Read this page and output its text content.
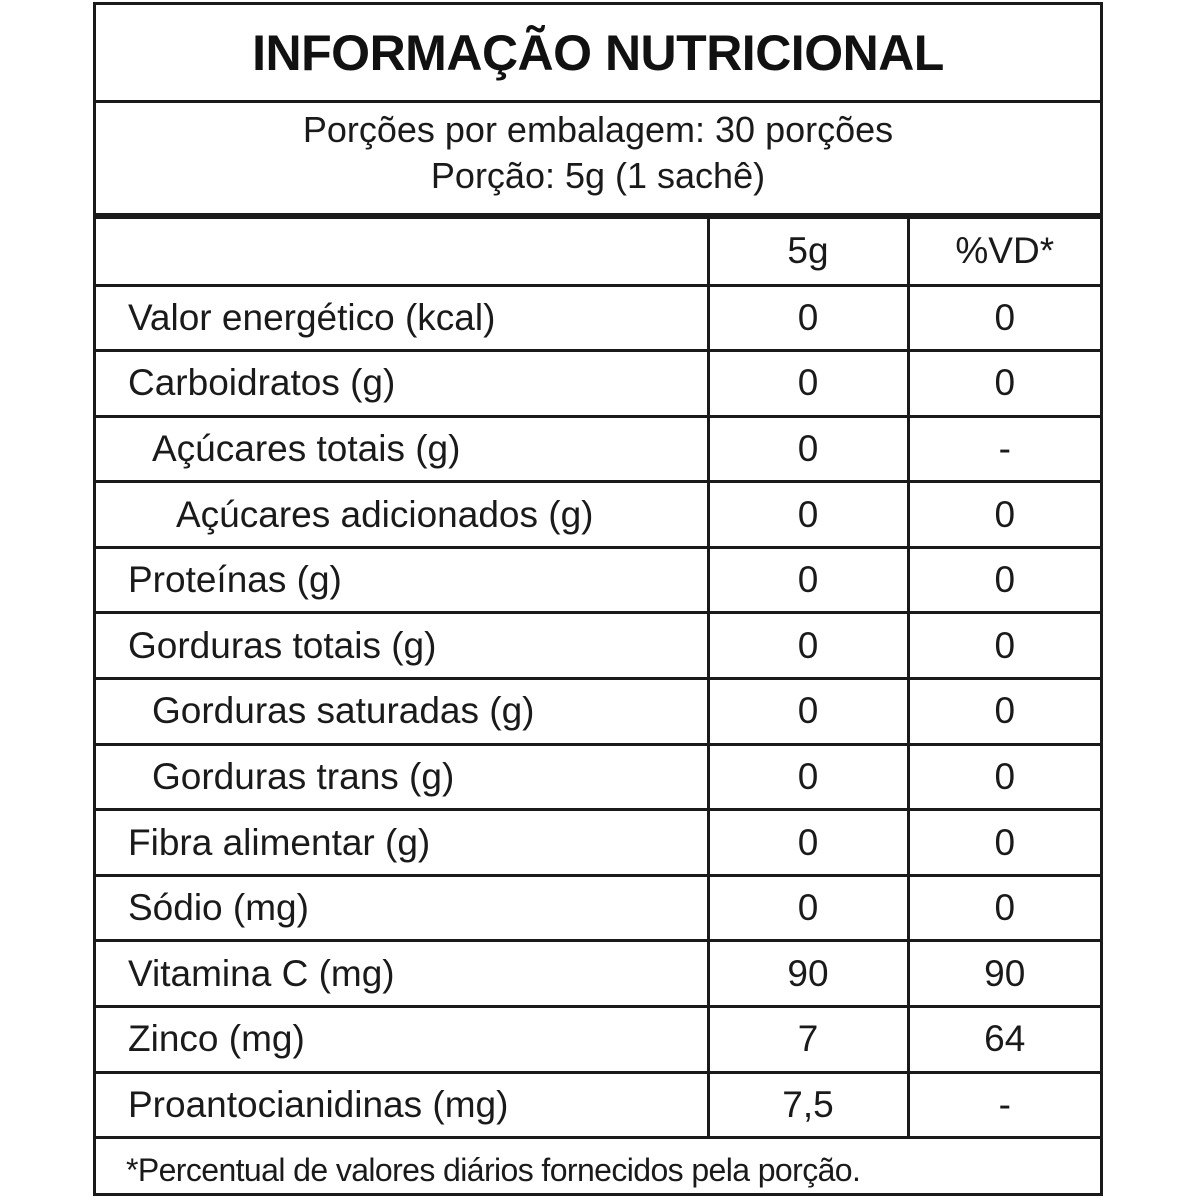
INFORMAÇÃO NUTRICIONAL
Porções por embalagem: 30 porções
Porção: 5g (1 sachê)
	5g	%VD*
Valor energético (kcal)	0	0
Carboidratos (g)	0	0
Açúcares totais (g)	0	-
Açúcares adicionados (g)	0	0
Proteínas (g)	0	0
Gorduras totais (g)	0	0
Gorduras saturadas (g)	0	0
Gorduras trans (g)	0	0
Fibra alimentar (g)	0	0
Sódio (mg)	0	0
Vitamina C (mg)	90	90
Zinco (mg)	7	64
Proantocianidinas (mg)	7,5	-
*Percentual de valores diários fornecidos pela porção.
